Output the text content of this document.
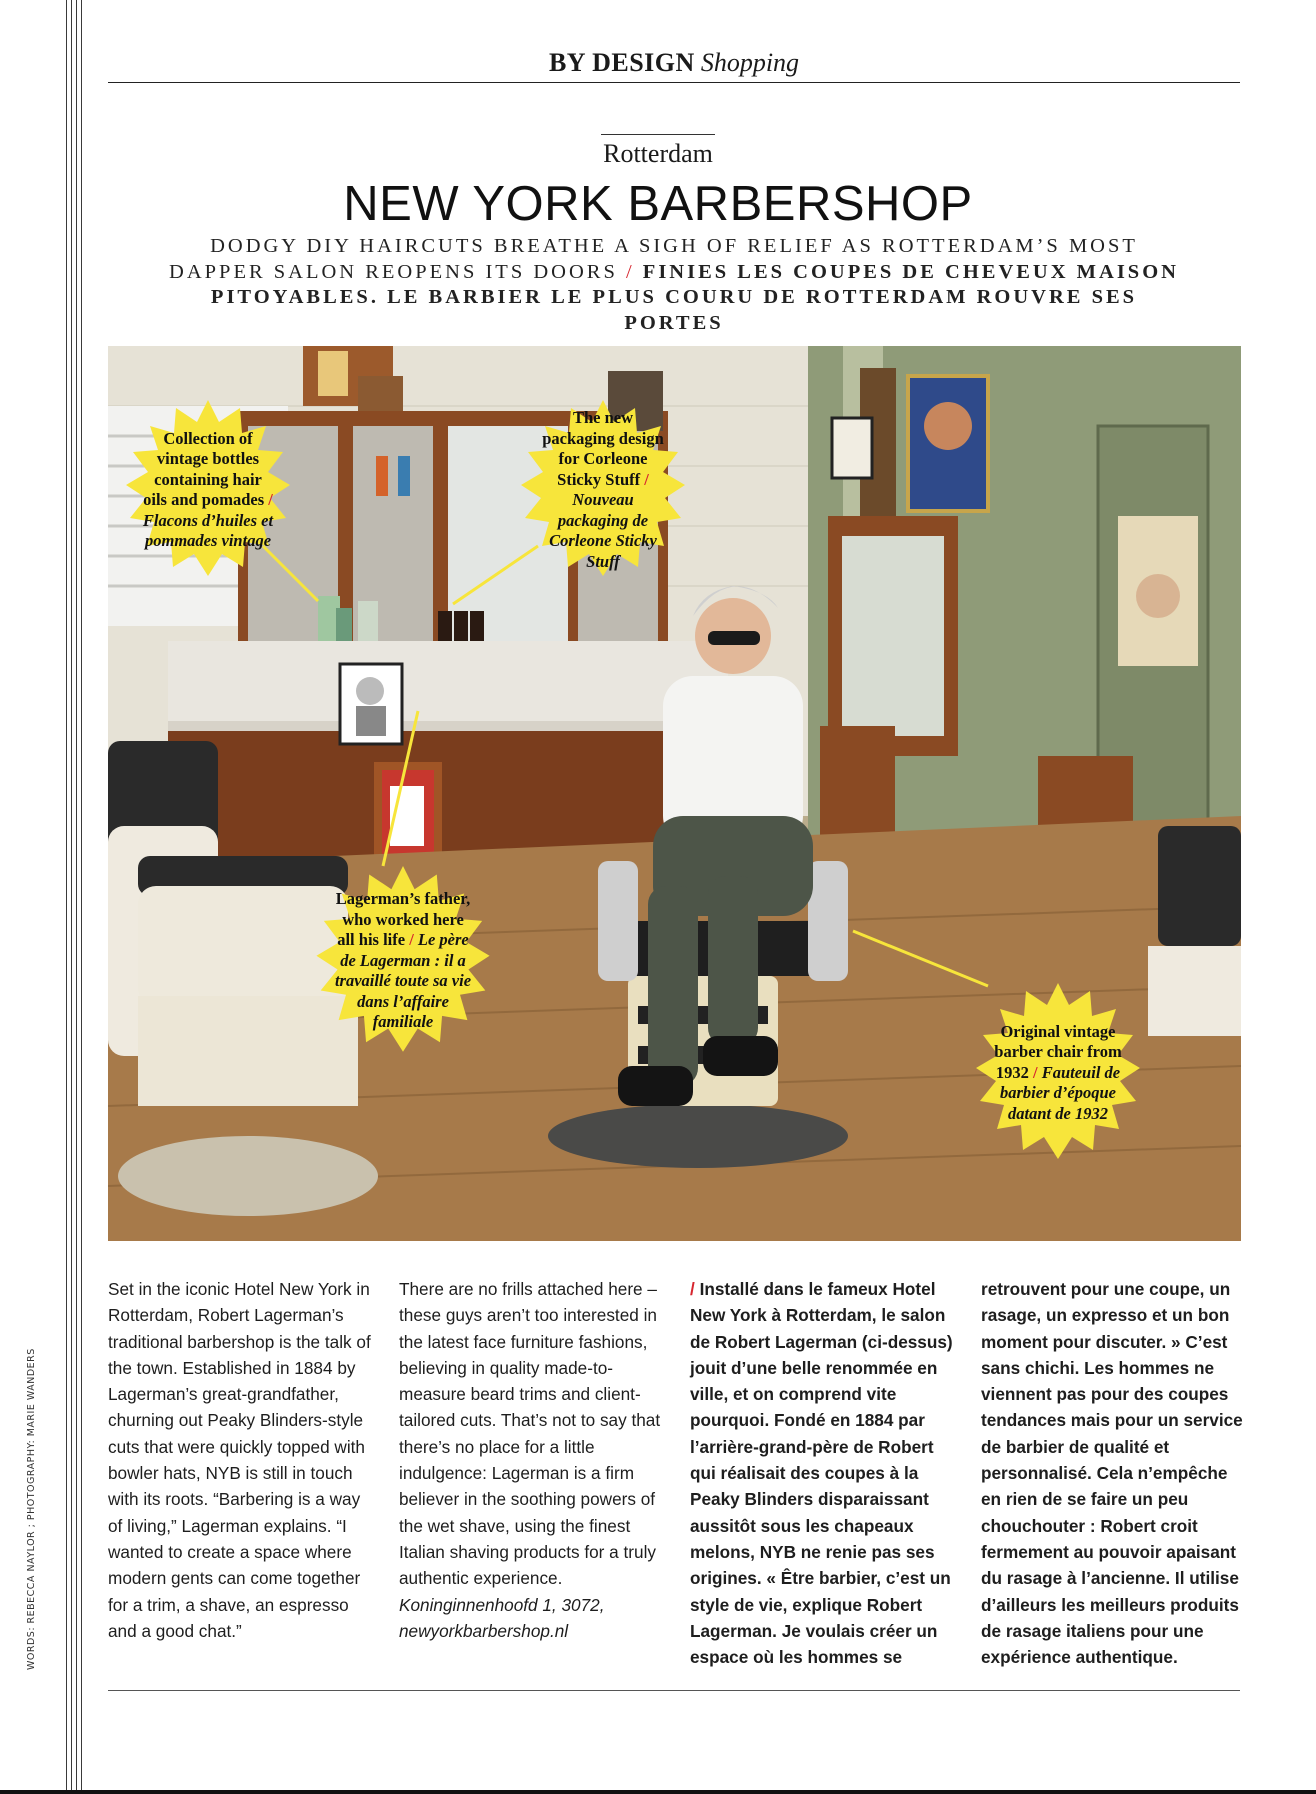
WORDS: REBECCA NAYLOR ; PHOTOGRAPHY: MARIE WANDERS
BY DESIGN Shopping
Rotterdam
NEW YORK BARBERSHOP
DODGY DIY HAIRCUTS BREATHE A SIGH OF RELIEF AS ROTTERDAM’S MOST DAPPER SALON REOPENS ITS DOORS / FINIES LES COUPES DE CHEVEUX MAISON PITOYABLES. LE BARBIER LE PLUS COURU DE ROTTERDAM ROUVRE SES PORTES
Collection of vintage bottles containing hair oils and pomades / Flacons d’huiles et pommades vintage
The new packaging design for Corleone Sticky Stuff / Nouveau packaging de Corleone Sticky Stuff
Lagerman’s father, who worked here all his life / Le père de Lagerman : il a travaillé toute sa vie dans l’affaire familiale	Original vintage barber chair from 1932 / Fauteuil de barbier d’époque datant de 1932

Set in the iconic Hotel New York in Rotterdam, Robert Lagerman’s traditional barbershop is the talk of the town. Established in 1884 by Lagerman’s great-grandfather, churning out Peaky Blinders-style cuts that were quickly topped with bowler hats, NYB is still in touch with its roots. “Barbering is a way of living,” Lagerman explains. “I wanted to create a space where modern gents can come together for a trim, a shave, an espresso and a good chat.”

There are no frills attached here – these guys aren’t too interested in the latest face furniture fashions, believing in quality made-to-measure beard trims and client-tailored cuts. That’s not to say that there’s no place for a little indulgence: Lagerman is a firm believer in the soothing powers of the wet shave, using the finest Italian shaving products for a truly authentic experience.

Koninginnenhoofd 1, 3072, newyorkbarbershop.nl

/ Installé dans le fameux Hotel New York à Rotterdam, le salon de Robert Lagerman (ci-dessus) jouit d’une belle renommée en ville, et on comprend vite pourquoi. Fondé en 1884 par l’arrière-grand-père de Robert qui réalisait des coupes à la Peaky Blinders disparaissant aussitôt sous les chapeaux melons, NYB ne renie pas ses origines. « Être barbier, c’est un style de vie, explique Robert Lagerman. Je voulais créer un espace où les hommes se

retrouvent pour une coupe, un rasage, un expresso et un bon moment pour discuter. » C’est sans chichi. Les hommes ne viennent pas pour des coupes tendances mais pour un service de barbier de qualité et personnalisé. Cela n’empêche en rien de se faire un peu chouchouter : Robert croit fermement au pouvoir apaisant du rasage à l’ancienne. Il utilise d’ailleurs les meilleurs produits de rasage italiens pour une expérience authentique.
